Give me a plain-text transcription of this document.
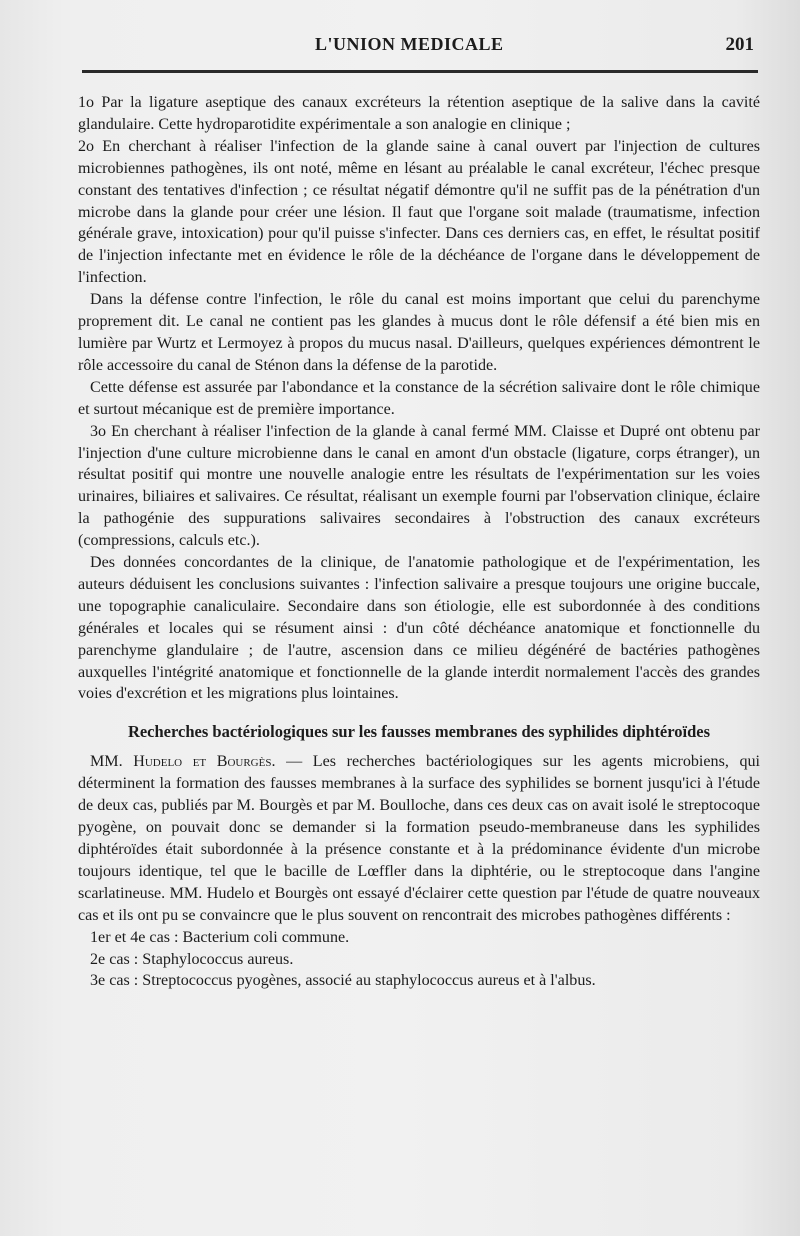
L'UNION MEDICALE	201

1o Par la ligature aseptique des canaux excréteurs la rétention aseptique de la salive dans la cavité glandulaire. Cette hydroparotidite expérimentale a son analogie en clinique ;

2o En cherchant à réaliser l'infection de la glande saine à canal ouvert par l'injection de cultures microbiennes pathogènes, ils ont noté, même en lésant au préalable le canal excréteur, l'échec presque constant des tentatives d'infection ; ce résultat négatif démontre qu'il ne suffit pas de la pénétration d'un microbe dans la glande pour créer une lésion. Il faut que l'organe soit malade (traumatisme, infection générale grave, intoxication) pour qu'il puisse s'infecter. Dans ces derniers cas, en effet, le résultat positif de l'injection infectante met en évidence le rôle de la déchéance de l'organe dans le développement de l'infection.

Dans la défense contre l'infection, le rôle du canal est moins important que celui du parenchyme proprement dit. Le canal ne contient pas les glandes à mucus dont le rôle défensif a été bien mis en lumière par Wurtz et Lermoyez à propos du mucus nasal. D'ailleurs, quelques expériences démontrent le rôle accessoire du canal de Sténon dans la défense de la parotide.

Cette défense est assurée par l'abondance et la constance de la sécrétion salivaire dont le rôle chimique et surtout mécanique est de première importance.

3o En cherchant à réaliser l'infection de la glande à canal fermé MM. Claisse et Dupré ont obtenu par l'injection d'une culture microbienne dans le canal en amont d'un obstacle (ligature, corps étranger), un résultat positif qui montre une nouvelle analogie entre les résultats de l'expérimentation sur les voies urinaires, biliaires et salivaires. Ce résultat, réalisant un exemple fourni par l'observation clinique, éclaire la pathogénie des suppurations salivaires secondaires à l'obstruction des canaux excréteurs (compressions, calculs etc.).

Des données concordantes de la clinique, de l'anatomie pathologique et de l'expérimentation, les auteurs déduisent les conclusions suivantes : l'infection salivaire a presque toujours une origine buccale, une topographie canaliculaire. Secondaire dans son étiologie, elle est subordonnée à des conditions générales et locales qui se résument ainsi : d'un côté déchéance anatomique et fonctionnelle du parenchyme glandulaire ; de l'autre, ascension dans ce milieu dégénéré de bactéries pathogènes auxquelles l'intégrité anatomique et fonctionnelle de la glande interdit normalement l'accès des grandes voies d'excrétion et les migrations plus lointaines.

Recherches bactériologiques sur les fausses membranes des syphilides diphtéroïdes

MM. Hudelo et Bourgès. — Les recherches bactériologiques sur les agents microbiens, qui déterminent la formation des fausses membranes à la surface des syphilides se bornent jusqu'ici à l'étude de deux cas, publiés par M. Bourgès et par M. Boulloche, dans ces deux cas on avait isolé le streptocoque pyogène, on pouvait donc se demander si la formation pseudo-membraneuse dans les syphilides diphtéroïdes était subordonnée à la présence constante et à la prédominance évidente d'un microbe toujours identique, tel que le bacille de Lœffler dans la diphtérie, ou le streptocoque dans l'angine scarlatineuse. MM. Hudelo et Bourgès ont essayé d'éclairer cette question par l'étude de quatre nouveaux cas et ils ont pu se convaincre que le plus souvent on rencontrait des microbes pathogènes différents :

1er et 4e cas : Bacterium coli commune.

2e cas : Staphylococcus aureus.

3e cas : Streptococcus pyogènes, associé au staphylococcus aureus et à l'albus.
